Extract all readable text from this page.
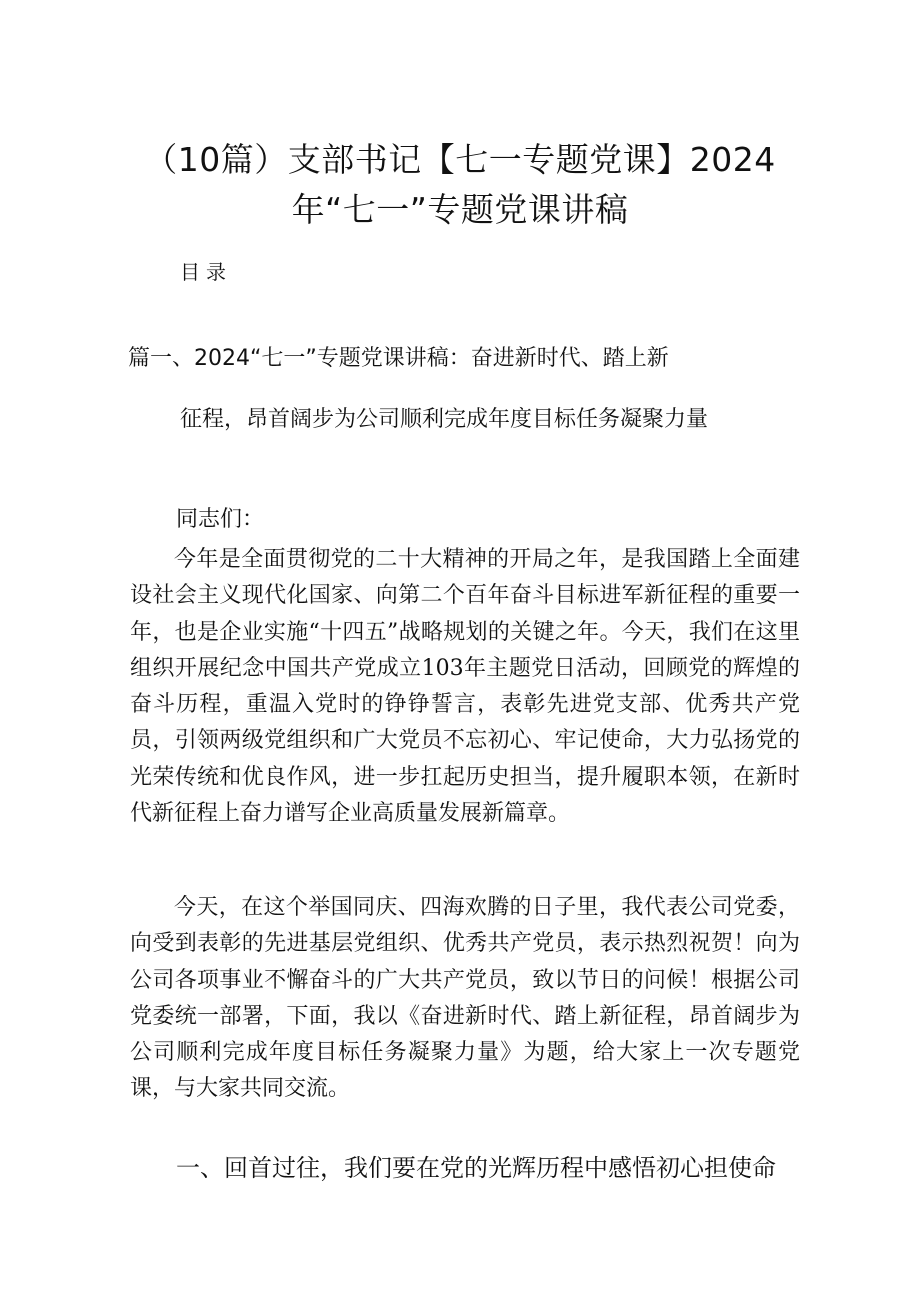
（10篇）支部书记【七一专题党课】2024
年“七一”专题党课讲稿
目录
篇一、2024“七一”专题党课讲稿：奋进新时代、踏上新
征程，昂首阔步为公司顺利完成年度目标任务凝聚力量

同志们：

今年是全面贯彻党的二十大精神的开局之年，是我国踏上全面建设社会主义现代化国家、向第二个百年奋斗目标进军新征程的重要一年，也是企业实施“十四五”战略规划的关键之年。今天，我们在这里组织开展纪念中国共产党成立103年主题党日活动，回顾党的辉煌的奋斗历程，重温入党时的铮铮誓言，表彰先进党支部、优秀共产党员，引领两级党组织和广大党员不忘初心、牢记使命，大力弘扬党的光荣传统和优良作风，进一步扛起历史担当，提升履职本领，在新时代新征程上奋力谱写企业高质量发展新篇章。

今天，在这个举国同庆、四海欢腾的日子里，我代表公司党委，向受到表彰的先进基层党组织、优秀共产党员，表示热烈祝贺！向为公司各项事业不懈奋斗的广大共产党员，致以节日的问候！根据公司党委统一部署，下面，我以《奋进新时代、踏上新征程，昂首阔步为公司顺利完成年度目标任务凝聚力量》为题，给大家上一次专题党课，与大家共同交流。

一、回首过往，我们要在党的光辉历程中感悟初心担使命
